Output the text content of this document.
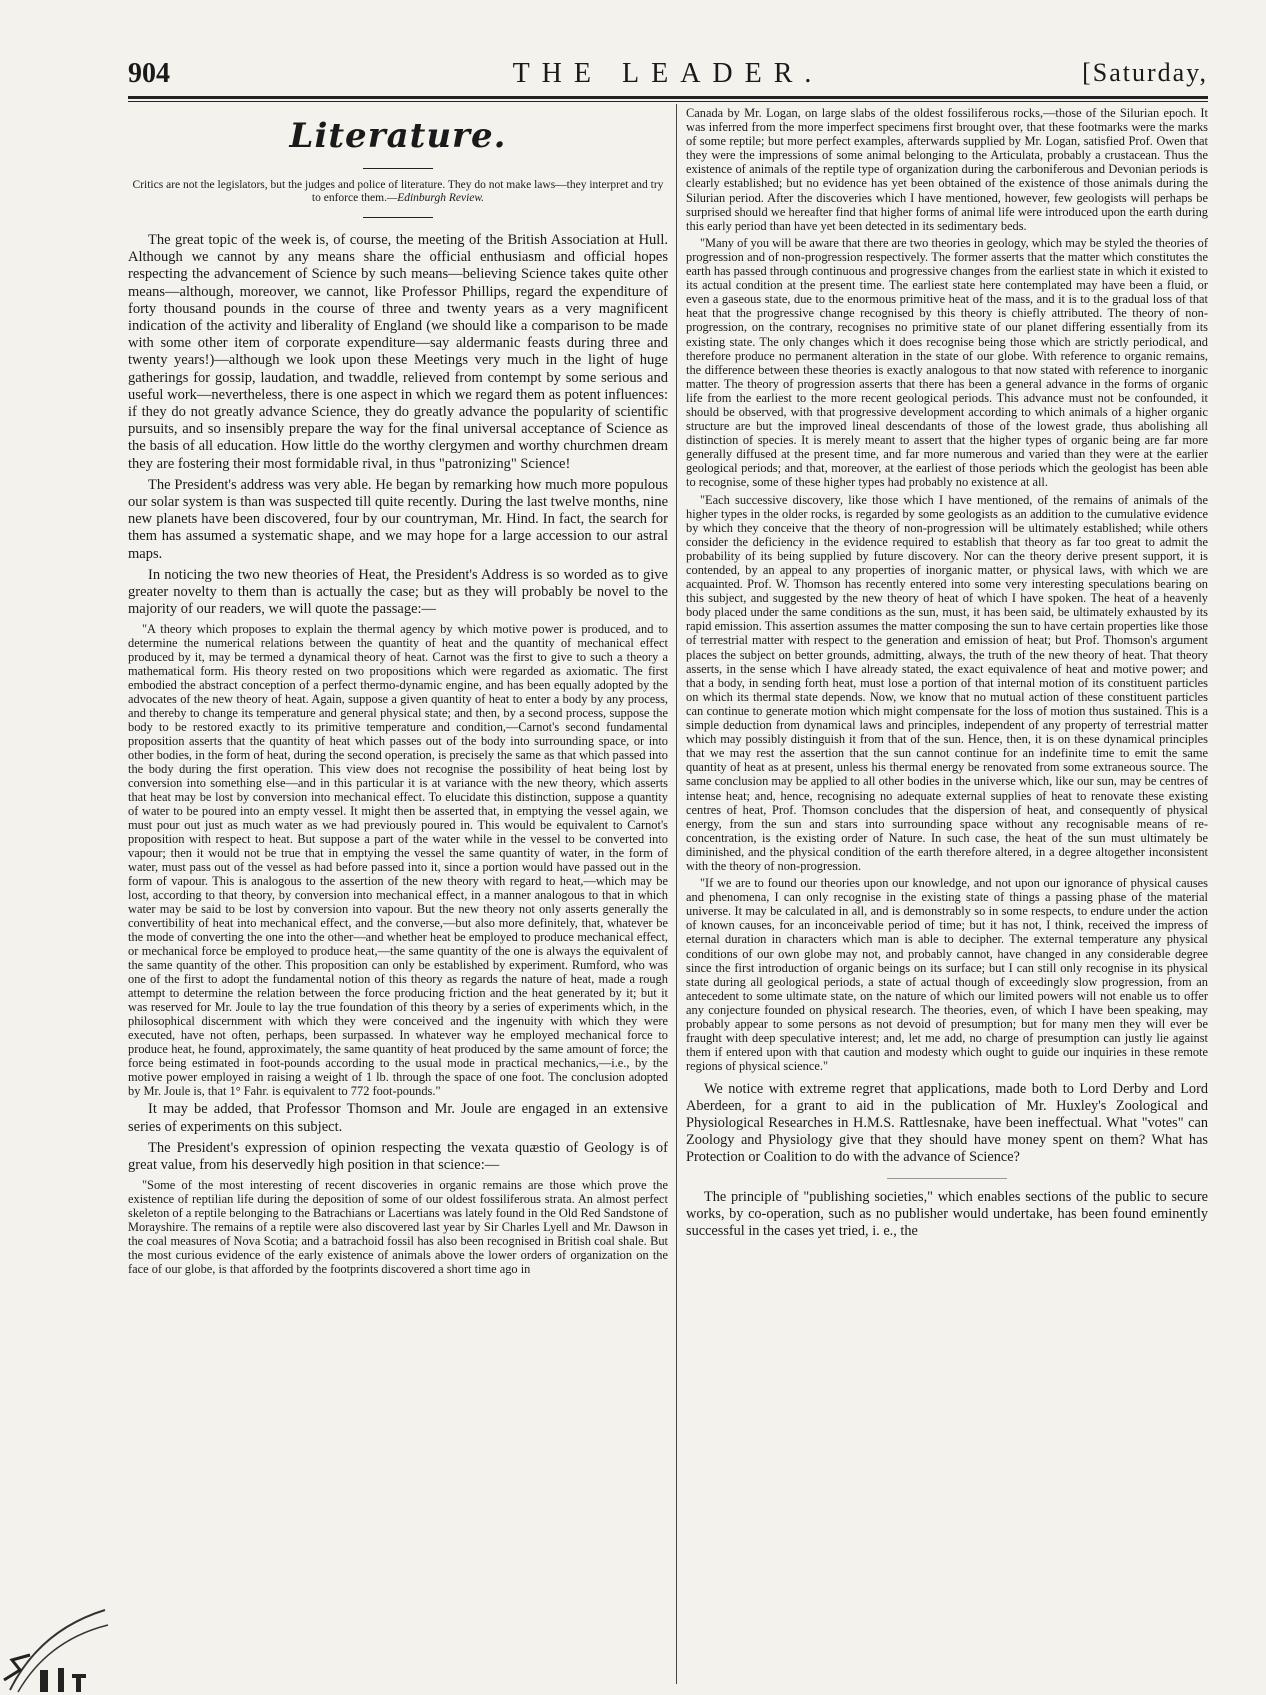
904	THE LEADER.	[Saturday,
Literature.
Critics are not the legislators, but the judges and police of literature. They do not make laws—they interpret and try to enforce them.—Edinburgh Review.

The great topic of the week is, of course, the meeting of the British Association at Hull. Although we cannot by any means share the official enthusiasm and official hopes respecting the advancement of Science by such means—believing Science takes quite other means—although, moreover, we cannot, like Professor Phillips, regard the expenditure of forty thousand pounds in the course of three and twenty years as a very magnificent indication of the activity and liberality of England (we should like a comparison to be made with some other item of corporate expenditure—say aldermanic feasts during three and twenty years!)—although we look upon these Meetings very much in the light of huge gatherings for gossip, laudation, and twaddle, relieved from contempt by some serious and useful work—nevertheless, there is one aspect in which we regard them as potent influences: if they do not greatly advance Science, they do greatly advance the popularity of scientific pursuits, and so insensibly prepare the way for the final universal acceptance of Science as the basis of all education. How little do the worthy clergymen and worthy churchmen dream they are fostering their most formidable rival, in thus "patronizing" Science!

The President's address was very able. He began by remarking how much more populous our solar system is than was suspected till quite recently. During the last twelve months, nine new planets have been discovered, four by our countryman, Mr. Hind. In fact, the search for them has assumed a systematic shape, and we may hope for a large accession to our astral maps.

In noticing the two new theories of Heat, the President's Address is so worded as to give greater novelty to them than is actually the case; but as they will probably be novel to the majority of our readers, we will quote the passage:—

"A theory which proposes to explain the thermal agency by which motive power is produced, and to determine the numerical relations between the quantity of heat and the quantity of mechanical effect produced by it, may be termed a dynamical theory of heat. Carnot was the first to give to such a theory a mathematical form. His theory rested on two propositions which were regarded as axiomatic. The first embodied the abstract conception of a perfect thermo-dynamic engine, and has been equally adopted by the advocates of the new theory of heat. Again, suppose a given quantity of heat to enter a body by any process, and thereby to change its temperature and general physical state; and then, by a second process, suppose the body to be restored exactly to its primitive temperature and condition,—Carnot's second fundamental proposition asserts that the quantity of heat which passes out of the body into surrounding space, or into other bodies, in the form of heat, during the second operation, is precisely the same as that which passed into the body during the first operation. This view does not recognise the possibility of heat being lost by conversion into something else—and in this particular it is at variance with the new theory, which asserts that heat may be lost by conversion into mechanical effect. To elucidate this distinction, suppose a quantity of water to be poured into an empty vessel. It might then be asserted that, in emptying the vessel again, we must pour out just as much water as we had previously poured in. This would be equivalent to Carnot's proposition with respect to heat. But suppose a part of the water while in the vessel to be converted into vapour; then it would not be true that in emptying the vessel the same quantity of water, in the form of water, must pass out of the vessel as had before passed into it, since a portion would have passed out in the form of vapour. This is analogous to the assertion of the new theory with regard to heat,—which may be lost, according to that theory, by conversion into mechanical effect, in a manner analogous to that in which water may be said to be lost by conversion into vapour. But the new theory not only asserts generally the convertibility of heat into mechanical effect, and the converse,—but also more definitely, that, whatever be the mode of converting the one into the other—and whether heat be employed to produce mechanical effect, or mechanical force be employed to produce heat,—the same quantity of the one is always the equivalent of the same quantity of the other. This proposition can only be established by experiment. Rumford, who was one of the first to adopt the fundamental notion of this theory as regards the nature of heat, made a rough attempt to determine the relation between the force producing friction and the heat generated by it; but it was reserved for Mr. Joule to lay the true foundation of this theory by a series of experiments which, in the philosophical discernment with which they were conceived and the ingenuity with which they were executed, have not often, perhaps, been surpassed. In whatever way he employed mechanical force to produce heat, he found, approximately, the same quantity of heat produced by the same amount of force; the force being estimated in foot-pounds according to the usual mode in practical mechanics,—i.e., by the motive power employed in raising a weight of 1 lb. through the space of one foot. The conclusion adopted by Mr. Joule is, that 1° Fahr. is equivalent to 772 foot-pounds."

It may be added, that Professor Thomson and Mr. Joule are engaged in an extensive series of experiments on this subject.

The President's expression of opinion respecting the vexata quæstio of Geology is of great value, from his deservedly high position in that science:—

"Some of the most interesting of recent discoveries in organic remains are those which prove the existence of reptilian life during the deposition of some of our oldest fossiliferous strata. An almost perfect skeleton of a reptile belonging to the Batrachians or Lacertians was lately found in the Old Red Sandstone of Morayshire. The remains of a reptile were also discovered last year by Sir Charles Lyell and Mr. Dawson in the coal measures of Nova Scotia; and a batrachoid fossil has also been recognised in British coal shale. But the most curious evidence of the early existence of animals above the lower orders of organization on the face of our globe, is that afforded by the footprints discovered a short time ago in

Canada by Mr. Logan, on large slabs of the oldest fossiliferous rocks,—those of the Silurian epoch. It was inferred from the more imperfect specimens first brought over, that these footmarks were the marks of some reptile; but more perfect examples, afterwards supplied by Mr. Logan, satisfied Prof. Owen that they were the impressions of some animal belonging to the Articulata, probably a crustacean. Thus the existence of animals of the reptile type of organization during the carboniferous and Devonian periods is clearly established; but no evidence has yet been obtained of the existence of those animals during the Silurian period. After the discoveries which I have mentioned, however, few geologists will perhaps be surprised should we hereafter find that higher forms of animal life were introduced upon the earth during this early period than have yet been detected in its sedimentary beds.

"Many of you will be aware that there are two theories in geology, which may be styled the theories of progression and of non-progression respectively. The former asserts that the matter which constitutes the earth has passed through continuous and progressive changes from the earliest state in which it existed to its actual condition at the present time. The earliest state here contemplated may have been a fluid, or even a gaseous state, due to the enormous primitive heat of the mass, and it is to the gradual loss of that heat that the progressive change recognised by this theory is chiefly attributed. The theory of non-progression, on the contrary, recognises no primitive state of our planet differing essentially from its existing state. The only changes which it does recognise being those which are strictly periodical, and therefore produce no permanent alteration in the state of our globe. With reference to organic remains, the difference between these theories is exactly analogous to that now stated with reference to inorganic matter. The theory of progression asserts that there has been a general advance in the forms of organic life from the earliest to the more recent geological periods. This advance must not be confounded, it should be observed, with that progressive development according to which animals of a higher organic structure are but the improved lineal descendants of those of the lowest grade, thus abolishing all distinction of species. It is merely meant to assert that the higher types of organic being are far more generally diffused at the present time, and far more numerous and varied than they were at the earlier geological periods; and that, moreover, at the earliest of those periods which the geologist has been able to recognise, some of these higher types had probably no existence at all.

"Each successive discovery, like those which I have mentioned, of the remains of animals of the higher types in the older rocks, is regarded by some geologists as an addition to the cumulative evidence by which they conceive that the theory of non-progression will be ultimately established; while others consider the deficiency in the evidence required to establish that theory as far too great to admit the probability of its being supplied by future discovery. Nor can the theory derive present support, it is contended, by an appeal to any properties of inorganic matter, or physical laws, with which we are acquainted. Prof. W. Thomson has recently entered into some very interesting speculations bearing on this subject, and suggested by the new theory of heat of which I have spoken. The heat of a heavenly body placed under the same conditions as the sun, must, it has been said, be ultimately exhausted by its rapid emission. This assertion assumes the matter composing the sun to have certain properties like those of terrestrial matter with respect to the generation and emission of heat; but Prof. Thomson's argument places the subject on better grounds, admitting, always, the truth of the new theory of heat. That theory asserts, in the sense which I have already stated, the exact equivalence of heat and motive power; and that a body, in sending forth heat, must lose a portion of that internal motion of its constituent particles on which its thermal state depends. Now, we know that no mutual action of these constituent particles can continue to generate motion which might compensate for the loss of motion thus sustained. This is a simple deduction from dynamical laws and principles, independent of any property of terrestrial matter which may possibly distinguish it from that of the sun. Hence, then, it is on these dynamical principles that we may rest the assertion that the sun cannot continue for an indefinite time to emit the same quantity of heat as at present, unless his thermal energy be renovated from some extraneous source. The same conclusion may be applied to all other bodies in the universe which, like our sun, may be centres of intense heat; and, hence, recognising no adequate external supplies of heat to renovate these existing centres of heat, Prof. Thomson concludes that the dispersion of heat, and consequently of physical energy, from the sun and stars into surrounding space without any recognisable means of re-concentration, is the existing order of Nature. In such case, the heat of the sun must ultimately be diminished, and the physical condition of the earth therefore altered, in a degree altogether inconsistent with the theory of non-progression.

"If we are to found our theories upon our knowledge, and not upon our ignorance of physical causes and phenomena, I can only recognise in the existing state of things a passing phase of the material universe. It may be calculated in all, and is demonstrably so in some respects, to endure under the action of known causes, for an inconceivable period of time; but it has not, I think, received the impress of eternal duration in characters which man is able to decipher. The external temperature any physical conditions of our own globe may not, and probably cannot, have changed in any considerable degree since the first introduction of organic beings on its surface; but I can still only recognise in its physical state during all geological periods, a state of actual though of exceedingly slow progression, from an antecedent to some ultimate state, on the nature of which our limited powers will not enable us to offer any conjecture founded on physical research. The theories, even, of which I have been speaking, may probably appear to some persons as not devoid of presumption; but for many men they will ever be fraught with deep speculative interest; and, let me add, no charge of presumption can justly lie against them if entered upon with that caution and modesty which ought to guide our inquiries in these remote regions of physical science."

We notice with extreme regret that applications, made both to Lord Derby and Lord Aberdeen, for a grant to aid in the publication of Mr. Huxley's Zoological and Physiological Researches in H.M.S. Rattlesnake, have been ineffectual. What "votes" can Zoology and Physiology give that they should have money spent on them? What has Protection or Coalition to do with the advance of Science?

The principle of "publishing societies," which enables sections of the public to secure works, by co-operation, such as no publisher would undertake, has been found eminently successful in the cases yet tried, i. e., the
